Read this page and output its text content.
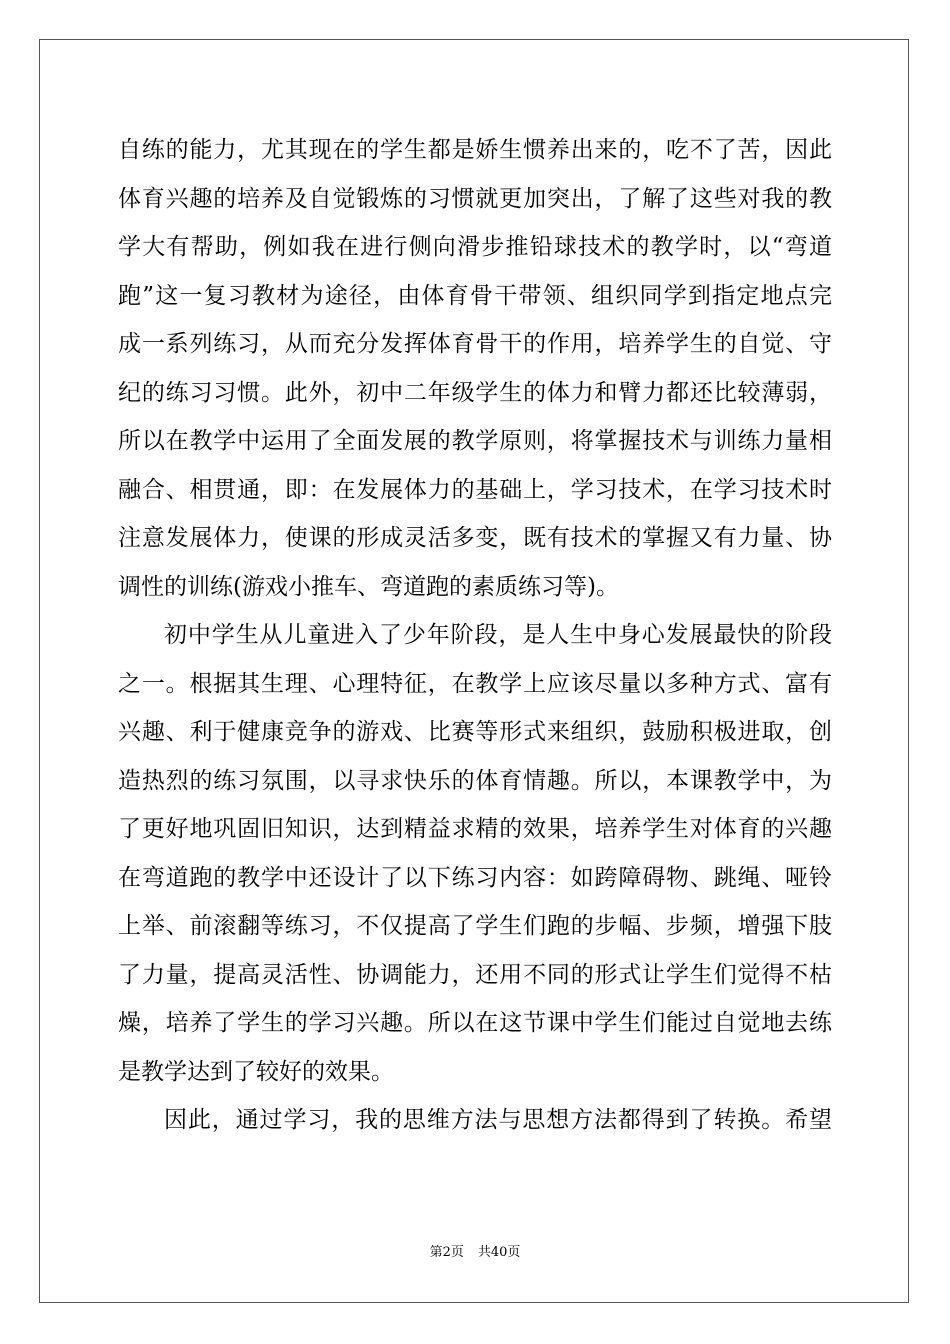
自练的能力，尤其现在的学生都是娇生惯养出来的，吃不了苦，因此
体育兴趣的培养及自觉锻炼的习惯就更加突出，了解了这些对我的教
学大有帮助，例如我在进行侧向滑步推铅球技术的教学时，以“弯道
跑”这一复习教材为途径，由体育骨干带领、组织同学到指定地点完
成一系列练习，从而充分发挥体育骨干的作用，培养学生的自觉、守
纪的练习习惯。此外，初中二年级学生的体力和臂力都还比较薄弱，
所以在教学中运用了全面发展的教学原则，将掌握技术与训练力量相
融合、相贯通，即：在发展体力的基础上，学习技术，在学习技术时
注意发展体力，使课的形成灵活多变，既有技术的掌握又有力量、协
调性的训练(游戏小推车、弯道跑的素质练习等)。
初中学生从儿童进入了少年阶段，是人生中身心发展最快的阶段
之一。根据其生理、心理特征，在教学上应该尽量以多种方式、富有
兴趣、利于健康竞争的游戏、比赛等形式来组织，鼓励积极进取，创
造热烈的练习氛围，以寻求快乐的体育情趣。所以，本课教学中，为
了更好地巩固旧知识，达到精益求精的效果，培养学生对体育的兴趣
在弯道跑的教学中还设计了以下练习内容：如跨障碍物、跳绳、哑铃
上举、前滚翻等练习，不仅提高了学生们跑的步幅、步频，增强下肢
了力量，提高灵活性、协调能力，还用不同的形式让学生们觉得不枯
燥，培养了学生的学习兴趣。所以在这节课中学生们能过自觉地去练
是教学达到了较好的效果。
因此，通过学习，我的思维方法与思想方法都得到了转换。希望
第2页 共40页
